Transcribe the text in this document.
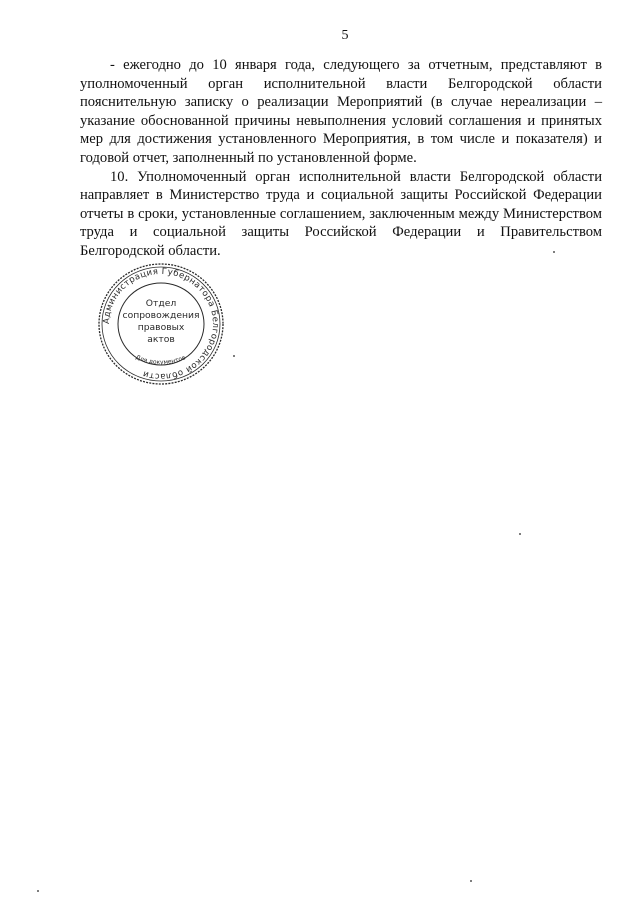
5

- ежегодно до 10 января года, следующего за отчетным, представляют в уполномоченный орган исполнительной власти Белгородской области пояснительную записку о реализации Мероприятий (в случае нереализации – указание обоснованной причины невыполнения условий соглашения и принятых мер для достижения установленного Мероприятия, в том числе и показателя) и годовой отчет, заполненный по установленной форме.

10. Уполномоченный орган исполнительной власти Белгородской области направляет в Министерство труда и социальной защиты Российской Федерации отчеты в сроки, установленные соглашением, заключенным между Министерством труда и социальной защиты Российской Федерации и Правительством Белгородской области.

Администрация Губернатора Белгородской области
Для документов
Отдел
сопровождения
правовых
актов
